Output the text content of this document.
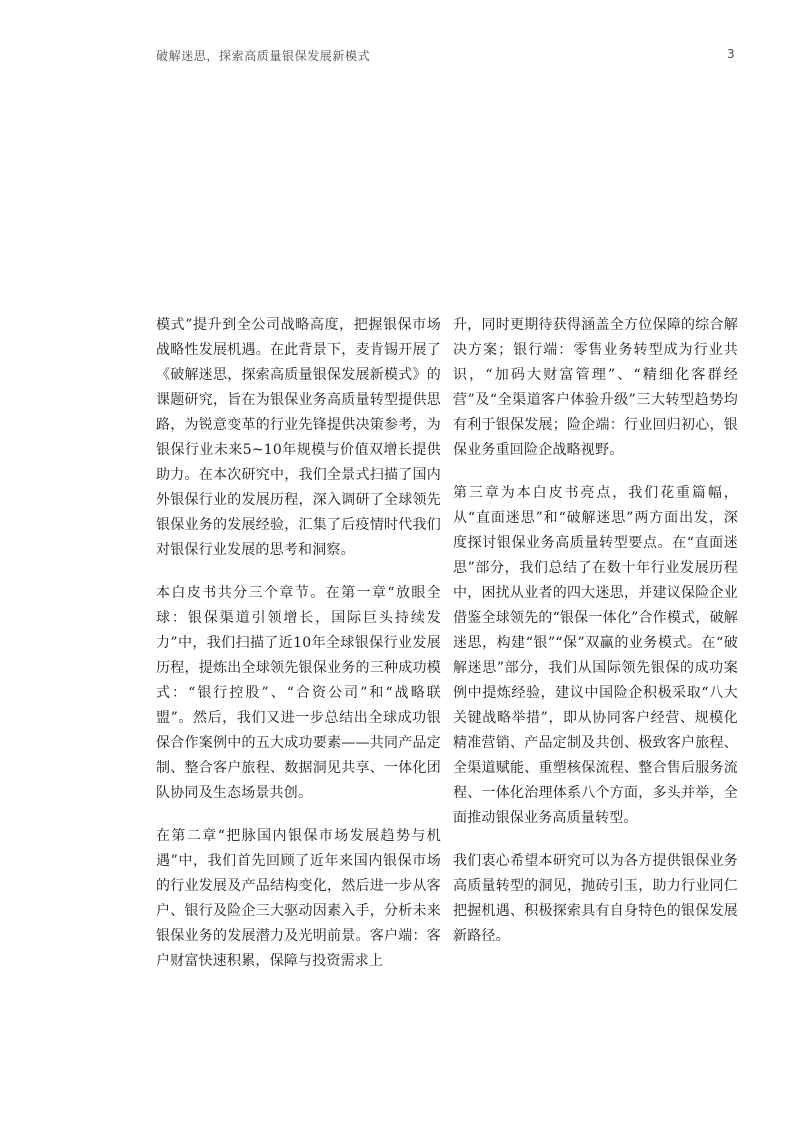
破解迷思，探索高质量银保发展新模式	3

模式”提升到全公司战略高度，把握银保市场战略性发展机遇。在此背景下，麦肯锡开展了《破解迷思，探索高质量银保发展新模式》的课题研究，旨在为银保业务高质量转型提供思路，为锐意变革的行业先锋提供决策参考，为银保行业未来5~10年规模与价值双增长提供助力。在本次研究中，我们全景式扫描了国内外银保行业的发展历程，深入调研了全球领先银保业务的发展经验，汇集了后疫情时代我们对银保行业发展的思考和洞察。

本白皮书共分三个章节。在第一章“放眼全球：银保渠道引领增长，国际巨头持续发力”中，我们扫描了近10年全球银保行业发展历程，提炼出全球领先银保业务的三种成功模式：“银行控股”、“合资公司”和“战略联盟”。然后，我们又进一步总结出全球成功银保合作案例中的五大成功要素——共同产品定制、整合客户旅程、数据洞见共享、一体化团队协同及生态场景共创。

在第二章“把脉国内银保市场发展趋势与机遇”中，我们首先回顾了近年来国内银保市场的行业发展及产品结构变化，然后进一步从客户、银行及险企三大驱动因素入手，分析未来银保业务的发展潜力及光明前景。客户端：客户财富快速积累，保障与投资需求上

升，同时更期待获得涵盖全方位保障的综合解决方案；银行端：零售业务转型成为行业共识，“加码大财富管理”、“精细化客群经营”及“全渠道客户体验升级”三大转型趋势均有利于银保发展；险企端：行业回归初心，银保业务重回险企战略视野。

第三章为本白皮书亮点，我们花重篇幅，从“直面迷思”和“破解迷思”两方面出发，深度探讨银保业务高质量转型要点。在“直面迷思”部分，我们总结了在数十年行业发展历程中，困扰从业者的四大迷思，并建议保险企业借鉴全球领先的“银保一体化”合作模式，破解迷思，构建“银”“保”双赢的业务模式。在“破解迷思”部分，我们从国际领先银保的成功案例中提炼经验，建议中国险企积极采取“八大关键战略举措”，即从协同客户经营、规模化精准营销、产品定制及共创、极致客户旅程、全渠道赋能、重塑核保流程、整合售后服务流程、一体化治理体系八个方面，多头并举，全面推动银保业务高质量转型。

我们衷心希望本研究可以为各方提供银保业务高质量转型的洞见，抛砖引玉，助力行业同仁把握机遇、积极探索具有自身特色的银保发展新路径。
